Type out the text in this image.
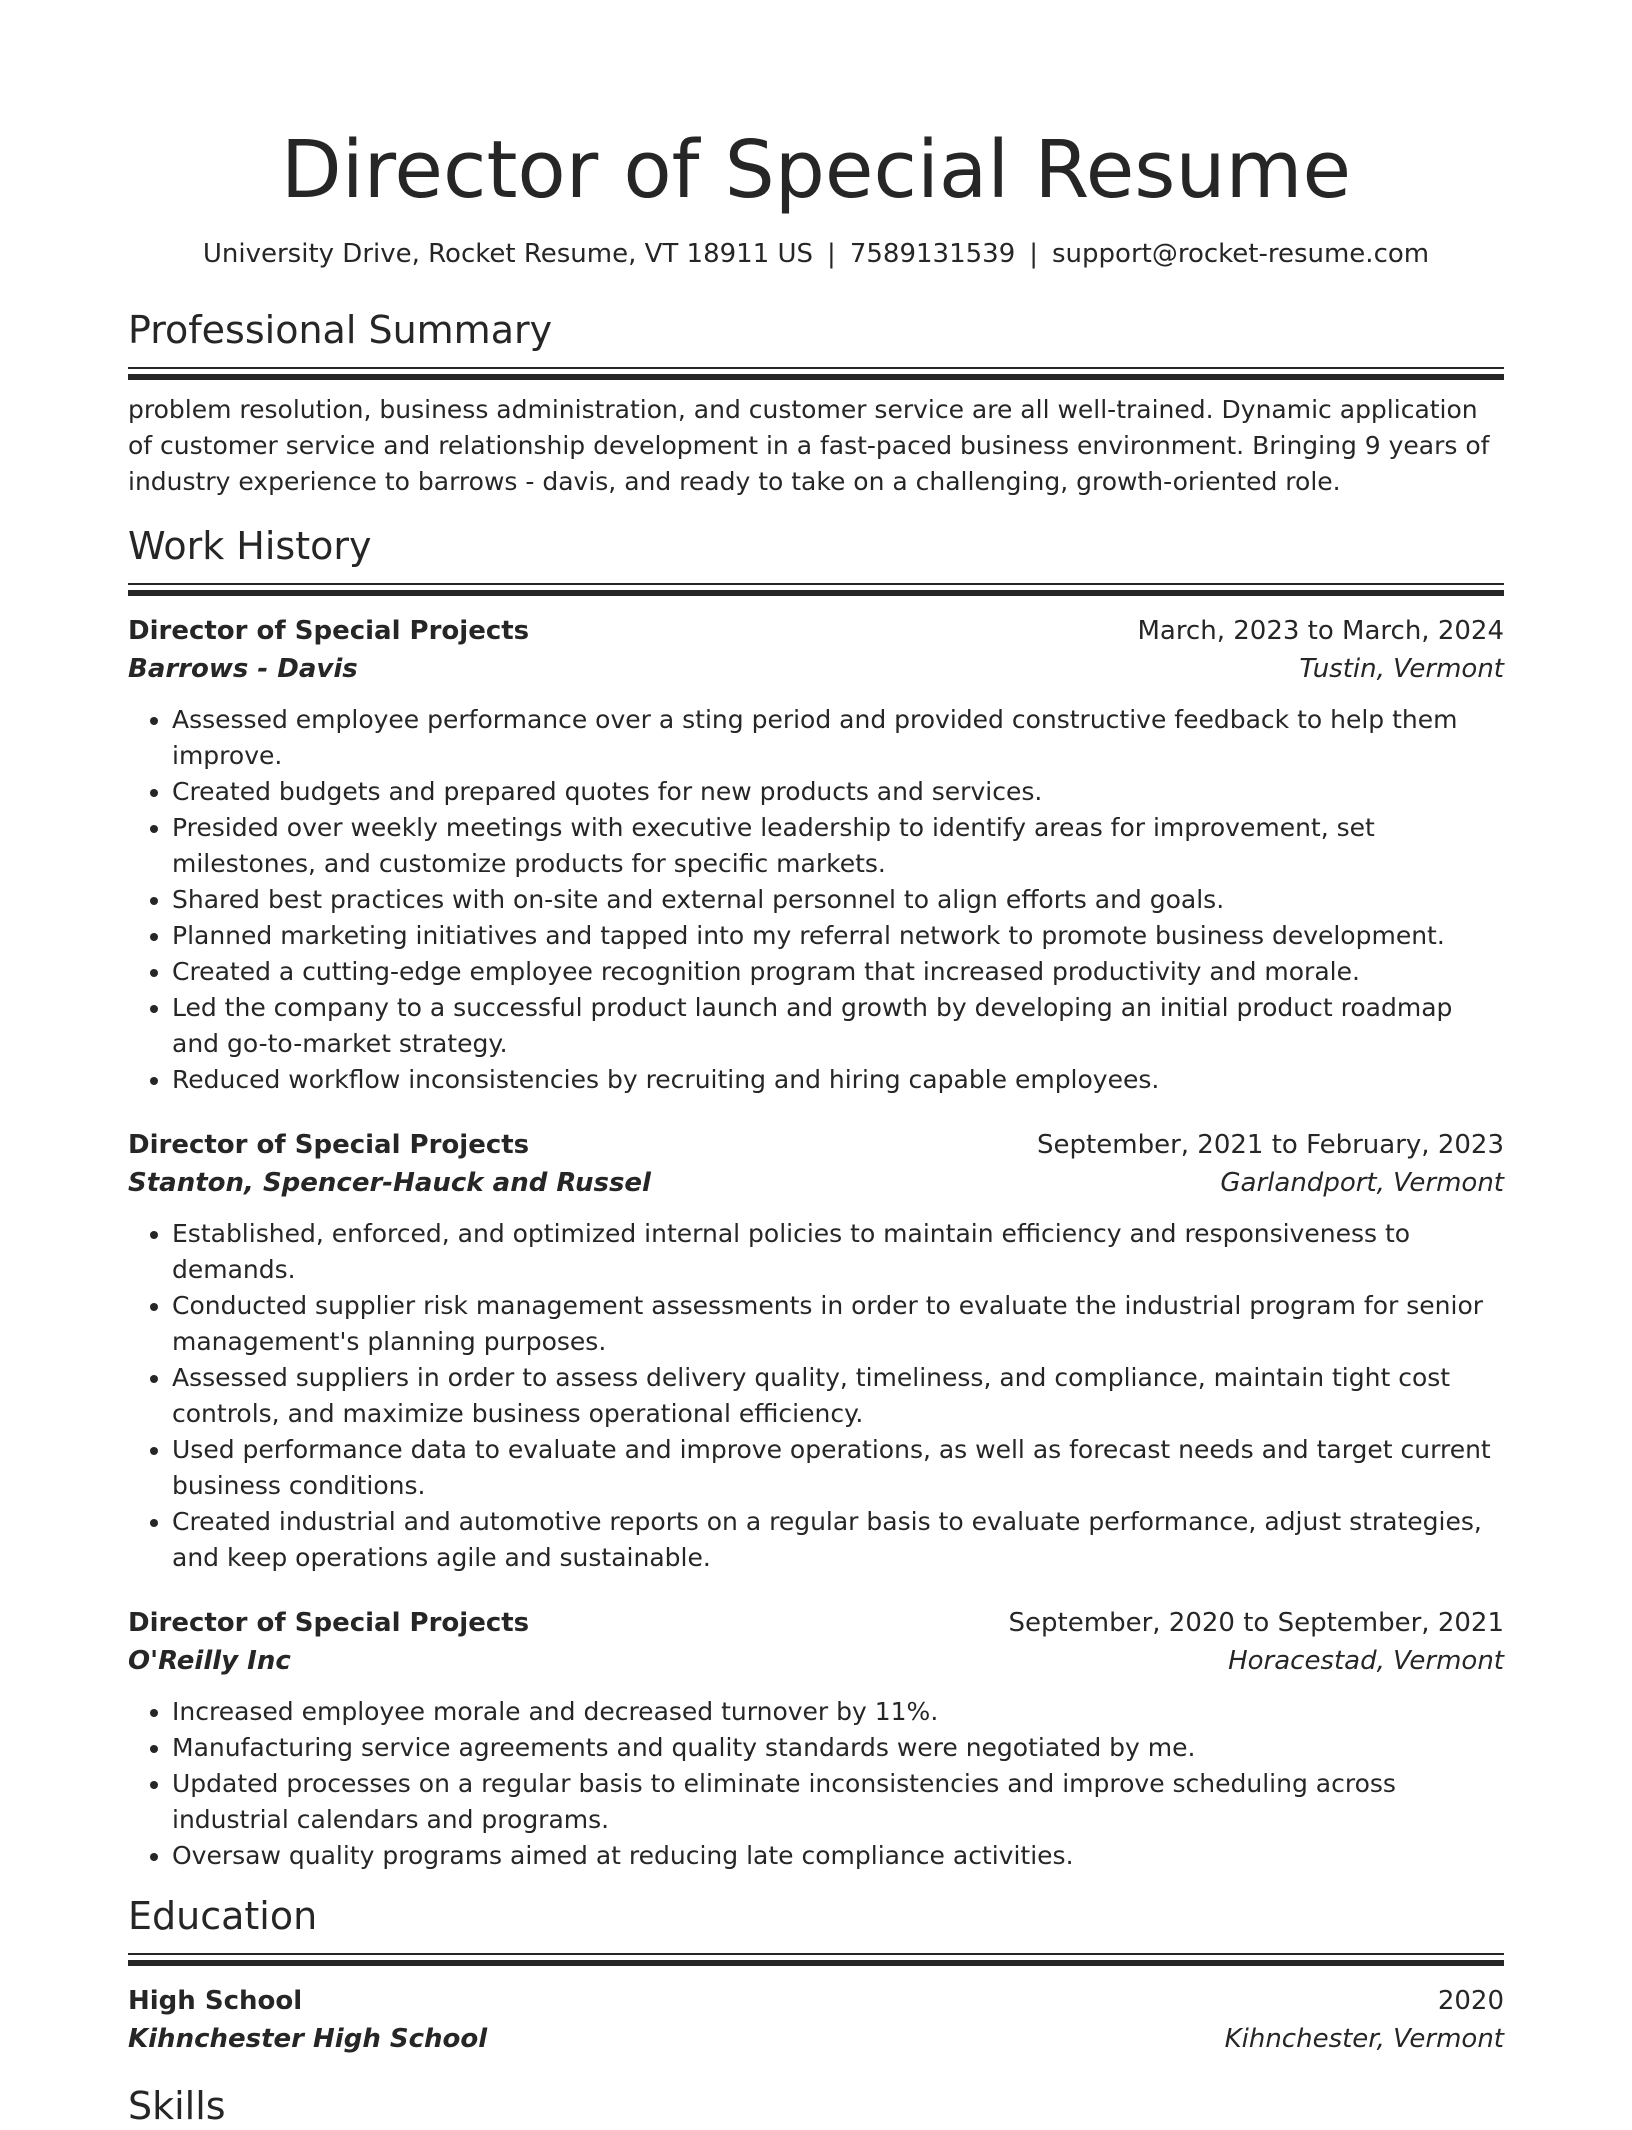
Director of Special Resume
University Drive, Rocket Resume, VT 18911 US | 7589131539 | support@rocket-resume.com
Professional Summary

problem resolution, business administration, and customer service are all well-trained. Dynamic application of customer service and relationship development in a fast-paced business environment. Bringing 9 years of industry experience to barrows - davis, and ready to take on a challenging, growth-oriented role.

Work History
Director of Special Projects	March, 2023 to March, 2024
Barrows - Davis	Tustin, Vermont
• Assessed employee performance over a sting period and provided constructive feedback to help them improve.
• Created budgets and prepared quotes for new products and services.
• Presided over weekly meetings with executive leadership to identify areas for improvement, set milestones, and customize products for specific markets.
• Shared best practices with on-site and external personnel to align efforts and goals.
• Planned marketing initiatives and tapped into my referral network to promote business development.
• Created a cutting-edge employee recognition program that increased productivity and morale.
• Led the company to a successful product launch and growth by developing an initial product roadmap and go-to-market strategy.
• Reduced workflow inconsistencies by recruiting and hiring capable employees.
Director of Special Projects	September, 2021 to February, 2023
Stanton, Spencer-Hauck and Russel	Garlandport, Vermont
• Established, enforced, and optimized internal policies to maintain efficiency and responsiveness to demands.
• Conducted supplier risk management assessments in order to evaluate the industrial program for senior management's planning purposes.
• Assessed suppliers in order to assess delivery quality, timeliness, and compliance, maintain tight cost controls, and maximize business operational efficiency.
• Used performance data to evaluate and improve operations, as well as forecast needs and target current business conditions.
• Created industrial and automotive reports on a regular basis to evaluate performance, adjust strategies, and keep operations agile and sustainable.
Director of Special Projects	September, 2020 to September, 2021
O'Reilly Inc	Horacestad, Vermont
• Increased employee morale and decreased turnover by 11%.
• Manufacturing service agreements and quality standards were negotiated by me.
• Updated processes on a regular basis to eliminate inconsistencies and improve scheduling across industrial calendars and programs.
• Oversaw quality programs aimed at reducing late compliance activities.
Education
High School	2020
Kihnchester High School	Kihnchester, Vermont
Skills
